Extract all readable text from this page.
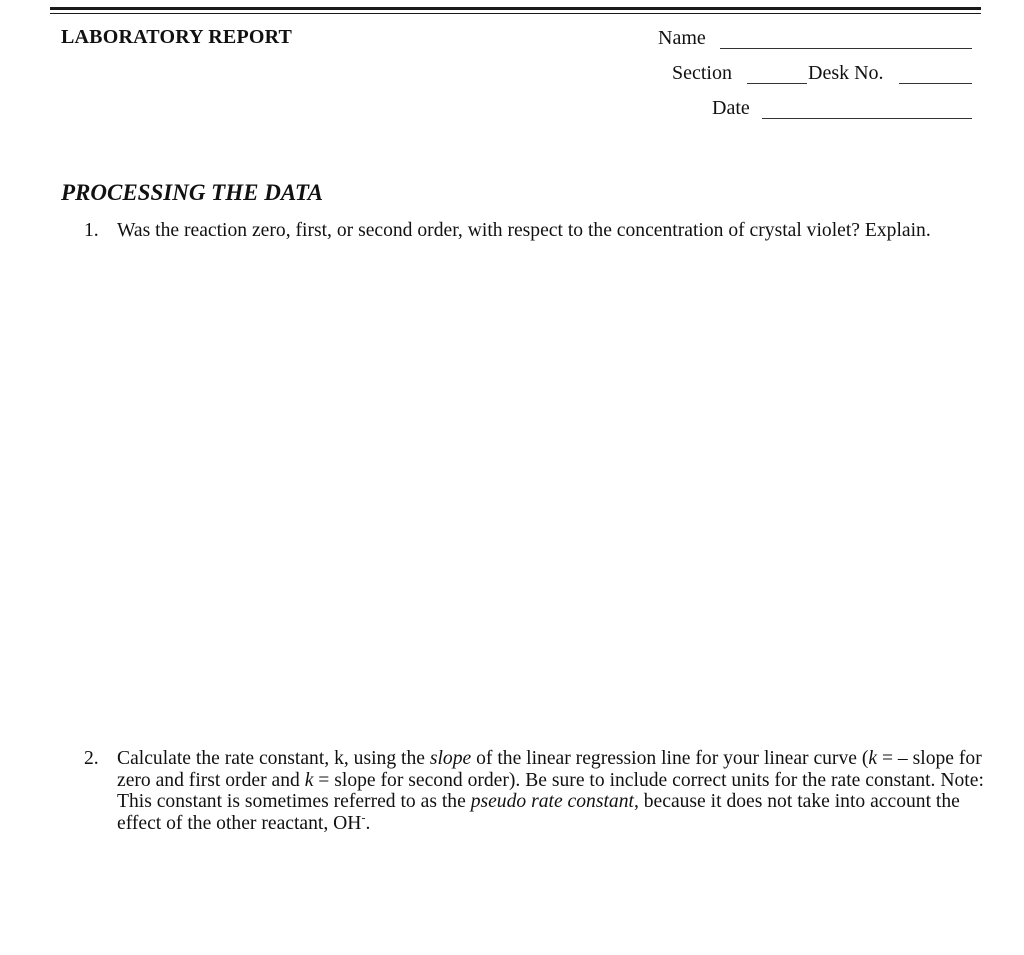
LABORATORY REPORT	Name
Section	Desk No.
Date
PROCESSING THE DATA
1. Was the reaction zero, first, or second order, with respect to the concentration of crystal violet? Explain.
2. Calculate the rate constant, k, using the slope of the linear regression line for your linear curve (k = – slope for zero and first order and k = slope for second order). Be sure to include correct units for the rate constant. Note: This constant is sometimes referred to as the pseudo rate constant, because it does not take into account the effect of the other reactant, OH-.
